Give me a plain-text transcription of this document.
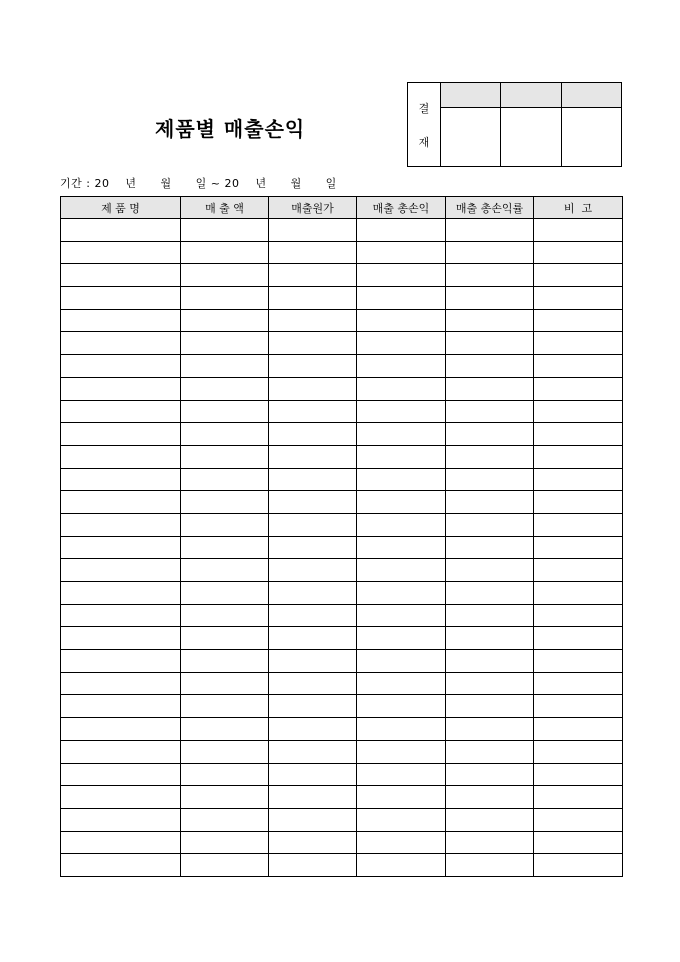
제품별 매출손익
결
재			

기간 : 20    년      월      일 ~ 20    년      월      일
제 품 명	매 출 액	매출원가	매출 총손익	매출 총손익률	비  고
